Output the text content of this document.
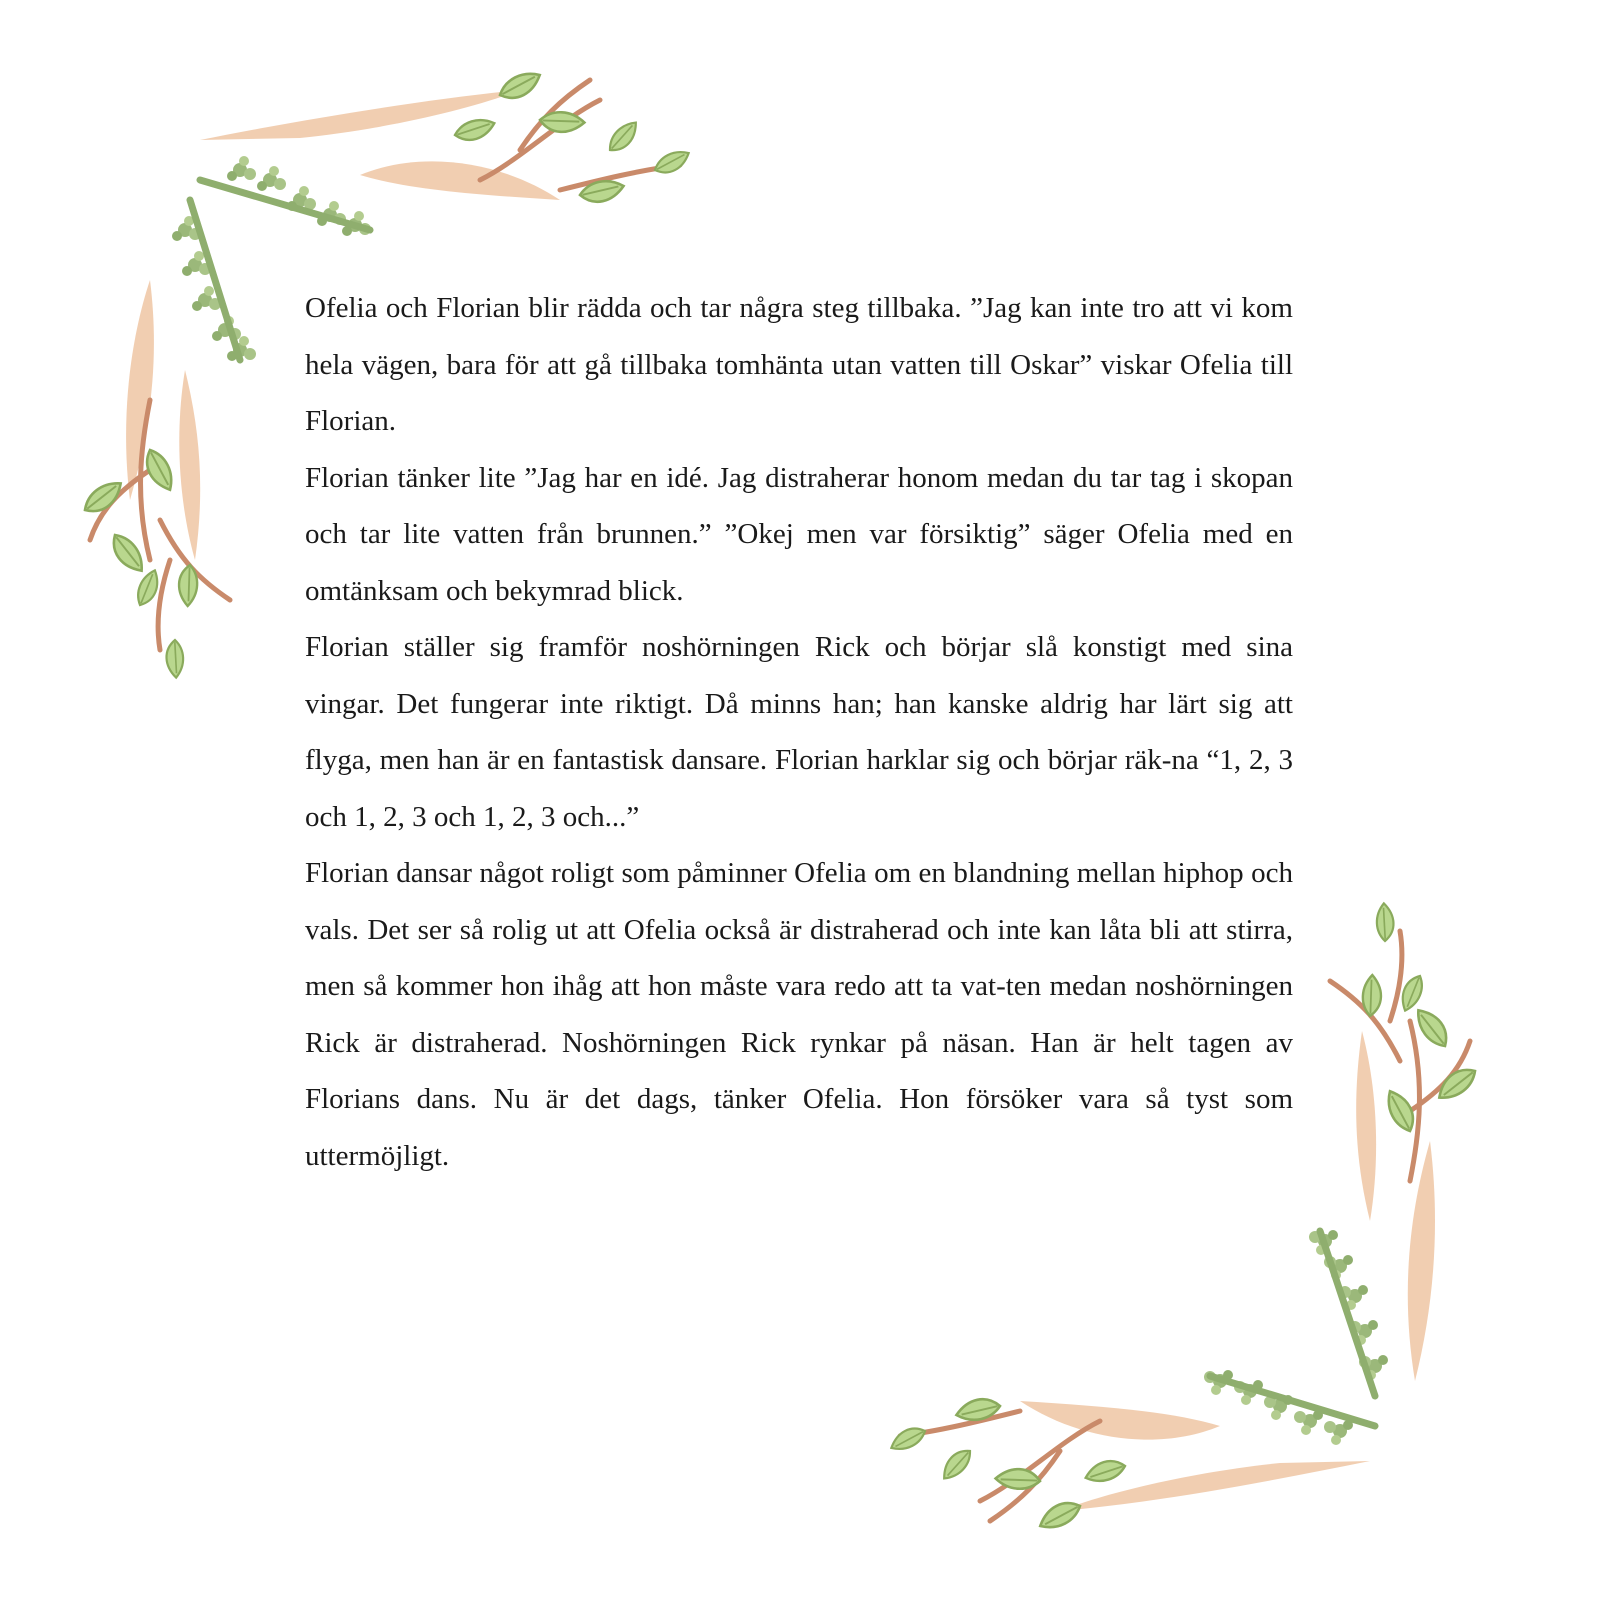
Ofelia och Florian blir rädda och tar några steg tillbaka. ”Jag kan inte tro att vi kom hela vägen, bara för att gå tillbaka tomhänta utan vatten till Oskar” viskar Ofelia till Florian.

Florian tänker lite ”Jag har en idé. Jag distraherar honom medan du tar tag i skopan och tar lite vatten från brunnen.” ”Okej men var försiktig” säger Ofelia med en omtänksam och bekymrad blick.

Florian ställer sig framför noshörningen Rick och börjar slå konstigt med sina vingar. Det fungerar inte riktigt. Då minns han; han kanske aldrig har lärt sig att flyga, men han är en fantastisk dansare. Florian harklar sig och börjar räk-na “1, 2, 3 och 1, 2, 3 och 1, 2, 3 och...”

Florian dansar något roligt som påminner Ofelia om en blandning mellan hiphop och vals. Det ser så rolig ut att Ofelia också är distraherad och inte kan låta bli att stirra, men så kommer hon ihåg att hon måste vara redo att ta vat-ten medan noshörningen Rick är distraherad. Noshörningen Rick rynkar på näsan. Han är helt tagen av Florians dans. Nu är det dags, tänker Ofelia. Hon försöker vara så tyst som uttermöjligt.
